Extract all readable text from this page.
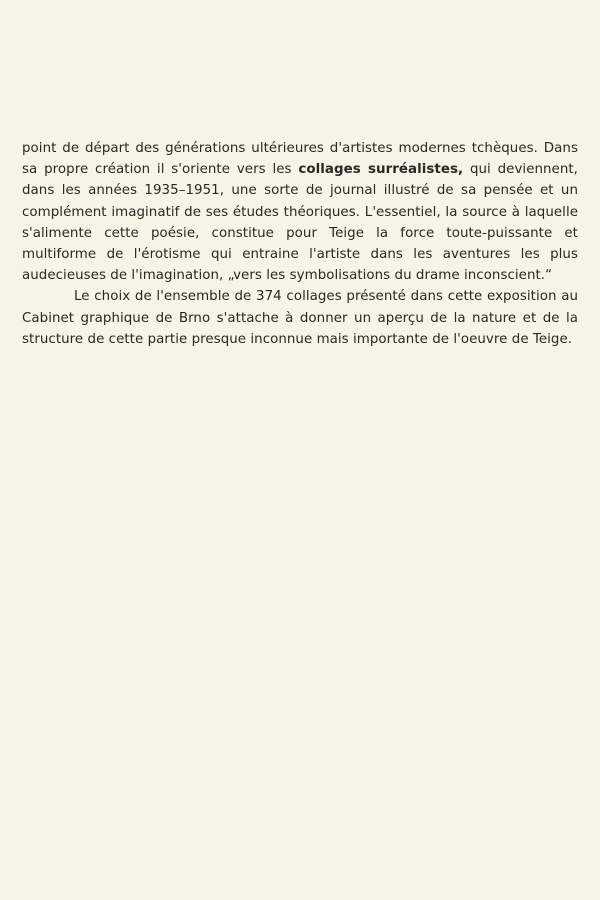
point de départ des générations ultérieures d'artistes modernes tchèques. Dans sa propre création il s'oriente vers les collages surréalistes, qui deviennent, dans les années 1935–1951, une sorte de journal illustré de sa pensée et un complément imaginatif de ses études théoriques. L'essentiel, la source à laquelle s'alimente cette poésie, constitue pour Teige la force toute-puissante et multiforme de l'érotisme qui entraine l'artiste dans les aventures les plus audecieuses de l'imagination, „vers les symbolisations du drame inconscient.“

Le choix de l'ensemble de 374 collages présenté dans cette exposition au Cabinet graphique de Brno s'attache à donner un aperçu de la nature et de la structure de cette partie presque inconnue mais importante de l'oeuvre de Teige.
